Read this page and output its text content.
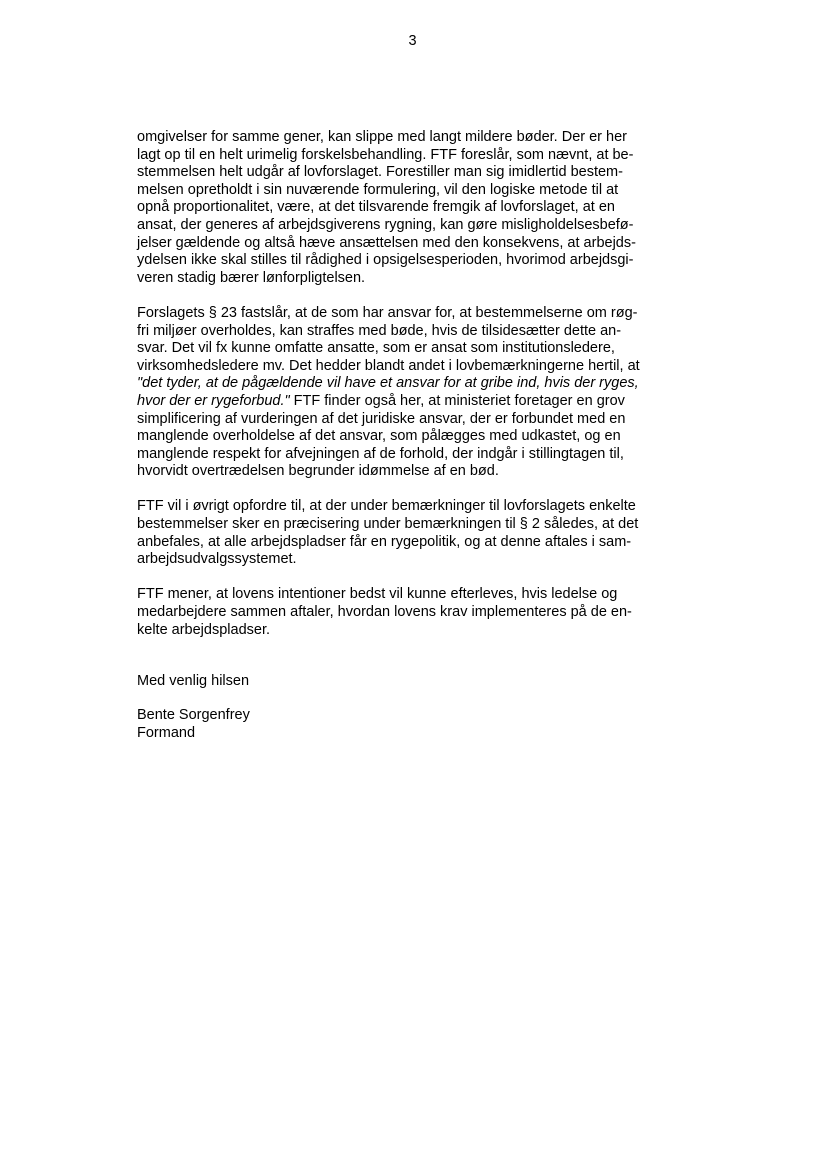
3
omgivelser for samme gener, kan slippe med langt mildere bøder. Der er her
lagt op til en helt urimelig forskelsbehandling. FTF foreslår, som nævnt, at be-
stemmelsen helt udgår af lovforslaget. Forestiller man sig imidlertid bestem-
melsen opretholdt i sin nuværende formulering, vil den logiske metode til at
opnå proportionalitet, være, at det tilsvarende fremgik af lovforslaget, at en
ansat, der generes af arbejdsgiverens rygning, kan gøre misligholdelsesbefø-
jelser gældende og altså hæve ansættelsen med den konsekvens, at arbejds-
ydelsen ikke skal stilles til rådighed i opsigelsesperioden, hvorimod arbejdsgi-
veren stadig bærer lønforpligtelsen.
Forslagets § 23 fastslår, at de som har ansvar for, at bestemmelserne om røg-
fri miljøer overholdes, kan straffes med bøde, hvis de tilsidesætter dette an-
svar. Det vil fx kunne omfatte ansatte, som er ansat som institutionsledere,
virksomhedsledere mv. Det hedder blandt andet i lovbemærkningerne hertil, at
"det tyder, at de pågældende vil have et ansvar for at gribe ind, hvis der ryges,
hvor der er rygeforbud." FTF finder også her, at ministeriet foretager en grov
simplificering af vurderingen af det juridiske ansvar, der er forbundet med en
manglende overholdelse af det ansvar, som pålægges med udkastet, og en
manglende respekt for afvejningen af de forhold, der indgår i stillingtagen til,
hvorvidt overtrædelsen begrunder idømmelse af en bød.
FTF vil i øvrigt opfordre til, at der under bemærkninger til lovforslagets enkelte
bestemmelser sker en præcisering under bemærkningen til § 2 således, at det
anbefales, at alle arbejdspladser får en rygepolitik, og at denne aftales i sam-
arbejdsudvalgssystemet.
FTF mener, at lovens intentioner bedst vil kunne efterleves, hvis ledelse og
medarbejdere sammen aftaler, hvordan lovens krav implementeres på de en-
kelte arbejdspladser.
Med venlig hilsen
Bente Sorgenfrey
Formand
